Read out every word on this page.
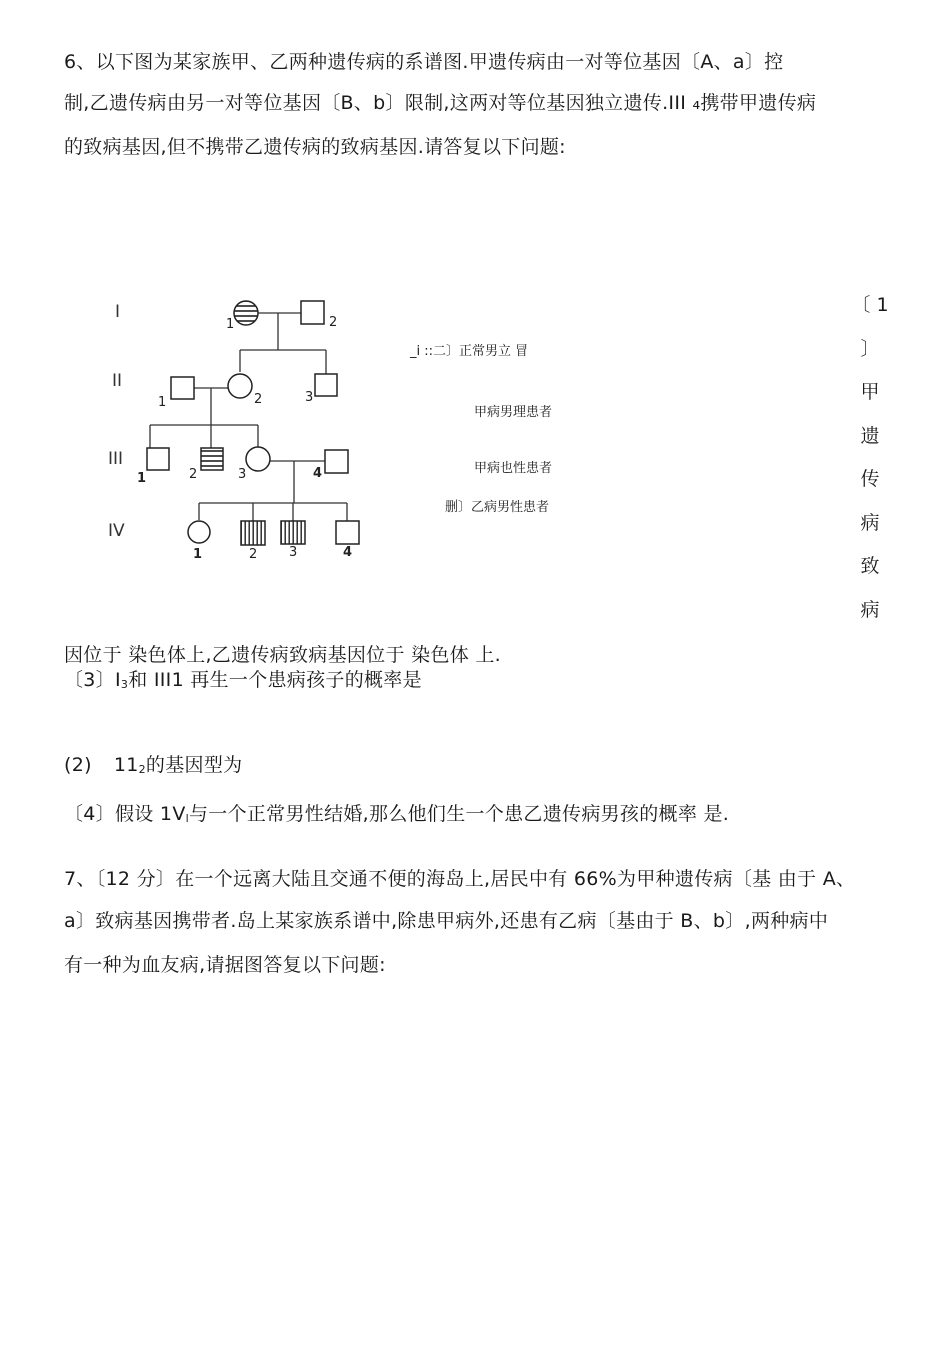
6、以下图为某家族甲、乙两种遗传病的系谱图.甲遗传病由一对等位基因〔A、a〕控
制,乙遗传病由另一对等位基因〔B、b〕限制,这两对等位基因独立遗传.III ₄携带甲遗传病
的致病基因,但不携带乙遗传病的致病基因.请答复以下问题:
I
II
III
IV
1	2
1	2	3
1	2	3	4
1	2 3	4
_i ::二〕正常男立 冒
甲病男理患者
甲病也性患者
删〕乙病男性患者
〔 1
〕 甲
遗
传
病
致
病
因位于 染色体上,乙遗传病致病基因位于 染色体 上.
〔3〕I3和 III1 再生一个患病孩子的概率是
(2) 112的基因型为
〔4〕假设 1Vl与一个正常男性结婚,那么他们生一个患乙遗传病男孩的概率 是.
7、〔12 分〕在一个远离大陆且交通不便的海岛上,居民中有 66%为甲种遗传病〔基 由于 A、
a〕致病基因携带者.岛上某家族系谱中,除患甲病外,还患有乙病〔基由于 B、b〕,两种病中
有一种为血友病,请据图答复以下问题:
